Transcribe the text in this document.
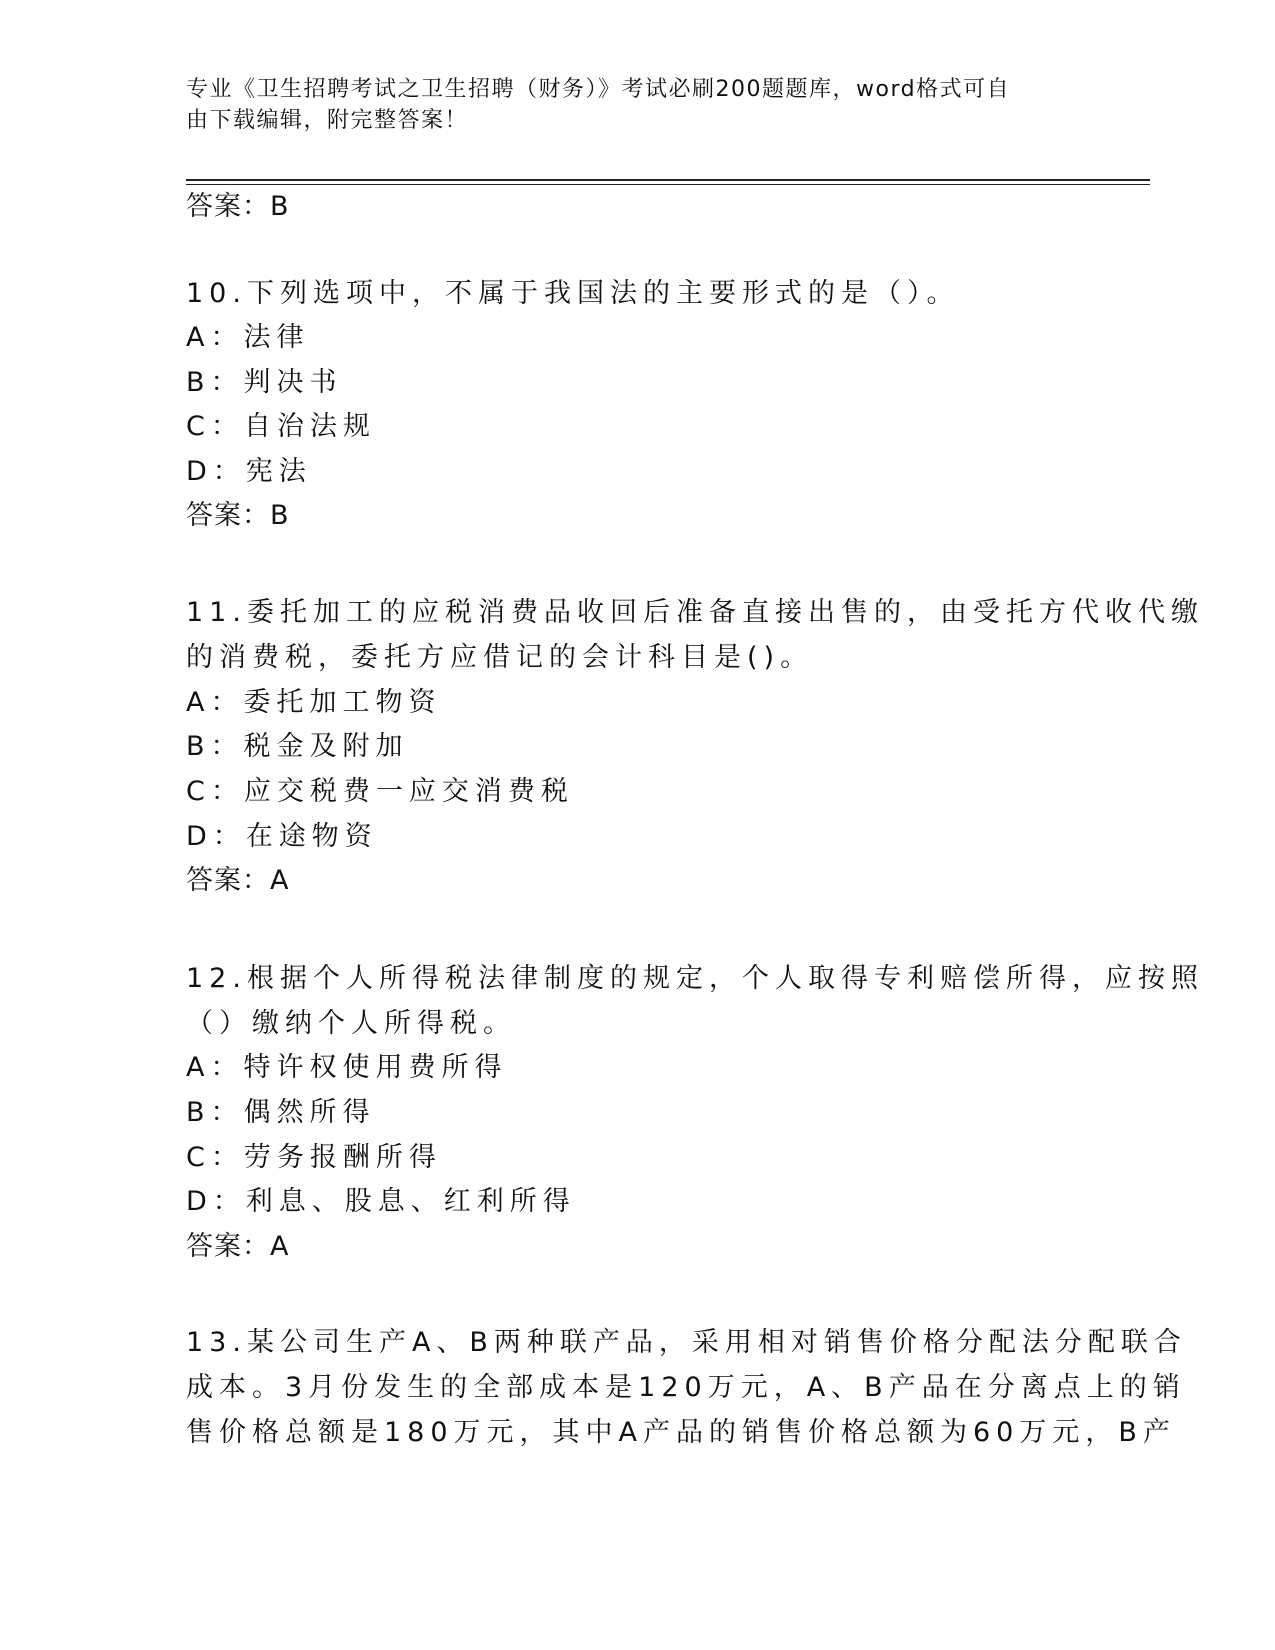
专业《卫生招聘考试之卫生招聘（财务）》考试必刷200题题库，word格式可自
由下载编辑，附完整答案！
答案：B
10.下列选项中，不属于我国法的主要形式的是（）。
A：法律
B：判决书
C：自治法规
D：宪法
答案：B
11.委托加工的应税消费品收回后准备直接出售的，由受托方代收代缴
的消费税，委托方应借记的会计科目是()。
A：委托加工物资
B：税金及附加
C：应交税费一应交消费税
D：在途物资
答案：A
12.根据个人所得税法律制度的规定，个人取得专利赔偿所得，应按照
（）缴纳个人所得税。
A：特许权使用费所得
B：偶然所得
C：劳务报酬所得
D：利息、股息、红利所得
答案：A
13.某公司生产A、B两种联产品，采用相对销售价格分配法分配联合
成本。3月份发生的全部成本是120万元，A、B产品在分离点上的销
售价格总额是180万元，其中A产品的销售价格总额为60万元，B产
